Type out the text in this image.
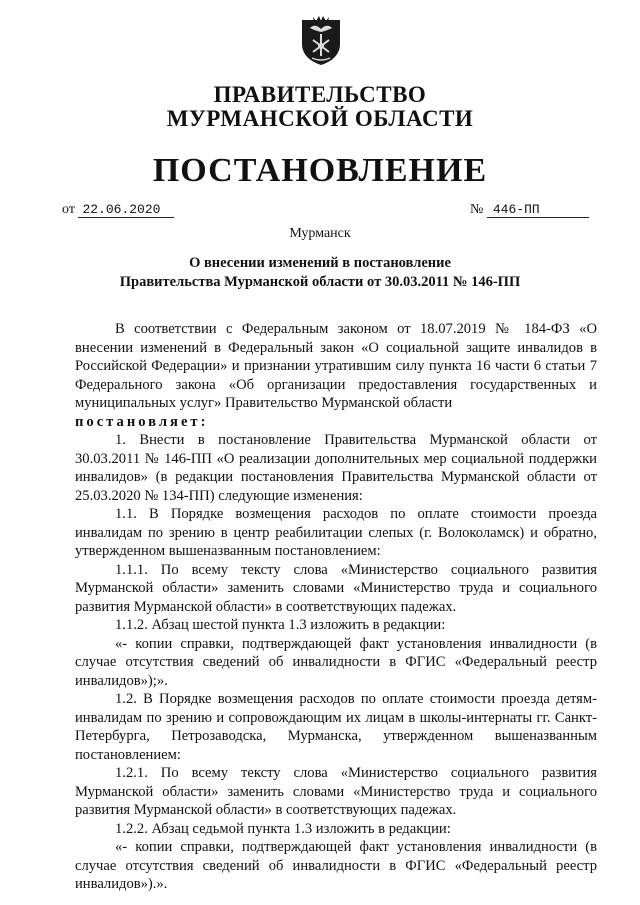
ПРАВИТЕЛЬСТВО
МУРМАНСКОЙ ОБЛАСТИ
ПОСТАНОВЛЕНИЕ
от 22.06.2020	№ 446-ПП
Мурманск
О внесении изменений в постановление
Правительства Мурманской области от 30.03.2011 № 146-ПП

В соответствии с Федеральным законом от 18.07.2019 № 184-ФЗ «О внесении изменений в Федеральный закон «О социальной защите инвалидов в Российской Федерации» и признании утратившим силу пункта 16 части 6 статьи 7 Федерального закона «Об организации предоставления государственных и муниципальных услуг» Правительство Мурманской области

постановляет:

1. Внести в постановление Правительства Мурманской области от 30.03.2011 № 146-ПП «О реализации дополнительных мер социальной поддержки инвалидов» (в редакции постановления Правительства Мурманской области от 25.03.2020 № 134-ПП) следующие изменения:

1.1. В Порядке возмещения расходов по оплате стоимости проезда инвалидам по зрению в центр реабилитации слепых (г. Волоколамск) и обратно, утвержденном вышеназванным постановлением:

1.1.1. По всему тексту слова «Министерство социального развития Мурманской области» заменить словами «Министерство труда и социального развития Мурманской области» в соответствующих падежах.

1.1.2. Абзац шестой пункта 1.3 изложить в редакции:

«- копии справки, подтверждающей факт установления инвалидности (в случае отсутствия сведений об инвалидности в ФГИС «Федеральный реестр инвалидов»);».

1.2. В Порядке возмещения расходов по оплате стоимости проезда детям-инвалидам по зрению и сопровождающим их лицам в школы-интернаты гг. Санкт-Петербурга, Петрозаводска, Мурманска, утвержденном вышеназванным постановлением:

1.2.1. По всему тексту слова «Министерство социального развития Мурманской области» заменить словами «Министерство труда и социального развития Мурманской области» в соответствующих падежах.

1.2.2. Абзац седьмой пункта 1.3 изложить в редакции:

«- копии справки, подтверждающей факт установления инвалидности (в случае отсутствия сведений об инвалидности в ФГИС «Федеральный реестр инвалидов»).».
